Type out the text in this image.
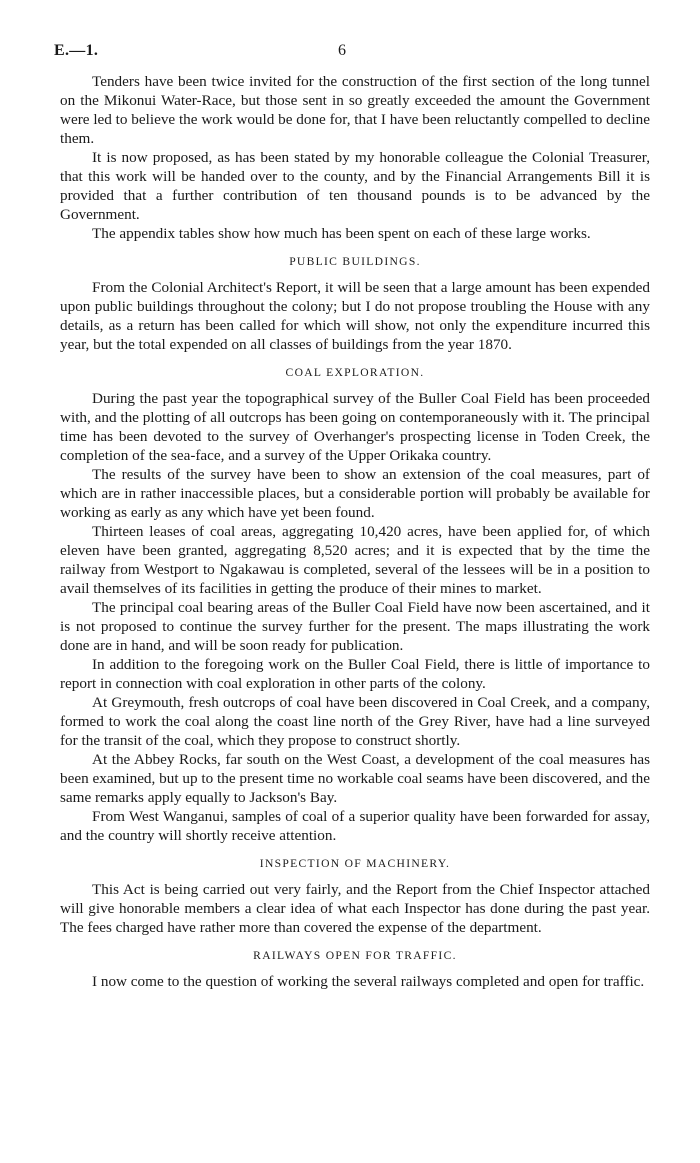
E.—1.	6

Tenders have been twice invited for the construction of the first section of the long tunnel on the Mikonui Water-Race, but those sent in so greatly exceeded the amount the Government were led to believe the work would be done for, that I have been reluctantly compelled to decline them.

It is now proposed, as has been stated by my honorable colleague the Colonial Treasurer, that this work will be handed over to the county, and by the Financial Arrangements Bill it is provided that a further contribution of ten thousand pounds is to be advanced by the Government.

The appendix tables show how much has been spent on each of these large works.

PUBLIC BUILDINGS.

From the Colonial Architect's Report, it will be seen that a large amount has been expended upon public buildings throughout the colony; but I do not propose troubling the House with any details, as a return has been called for which will show, not only the expenditure incurred this year, but the total expended on all classes of buildings from the year 1870.

COAL EXPLORATION.

During the past year the topographical survey of the Buller Coal Field has been proceeded with, and the plotting of all outcrops has been going on contemporaneously with it. The principal time has been devoted to the survey of Overhanger's prospecting license in Toden Creek, the completion of the sea-face, and a survey of the Upper Orikaka country.

The results of the survey have been to show an extension of the coal measures, part of which are in rather inaccessible places, but a considerable portion will probably be available for working as early as any which have yet been found.

Thirteen leases of coal areas, aggregating 10,420 acres, have been applied for, of which eleven have been granted, aggregating 8,520 acres; and it is expected that by the time the railway from Westport to Ngakawau is completed, several of the lessees will be in a position to avail themselves of its facilities in getting the produce of their mines to market.

The principal coal bearing areas of the Buller Coal Field have now been ascertained, and it is not proposed to continue the survey further for the present. The maps illustrating the work done are in hand, and will be soon ready for publication.

In addition to the foregoing work on the Buller Coal Field, there is little of importance to report in connection with coal exploration in other parts of the colony.

At Greymouth, fresh outcrops of coal have been discovered in Coal Creek, and a company, formed to work the coal along the coast line north of the Grey River, have had a line surveyed for the transit of the coal, which they propose to construct shortly.

At the Abbey Rocks, far south on the West Coast, a development of the coal measures has been examined, but up to the present time no workable coal seams have been discovered, and the same remarks apply equally to Jackson's Bay.

From West Wanganui, samples of coal of a superior quality have been forwarded for assay, and the country will shortly receive attention.

INSPECTION OF MACHINERY.

This Act is being carried out very fairly, and the Report from the Chief Inspector attached will give honorable members a clear idea of what each Inspector has done during the past year. The fees charged have rather more than covered the expense of the department.

RAILWAYS OPEN FOR TRAFFIC.

I now come to the question of working the several railways completed and open for traffic.
